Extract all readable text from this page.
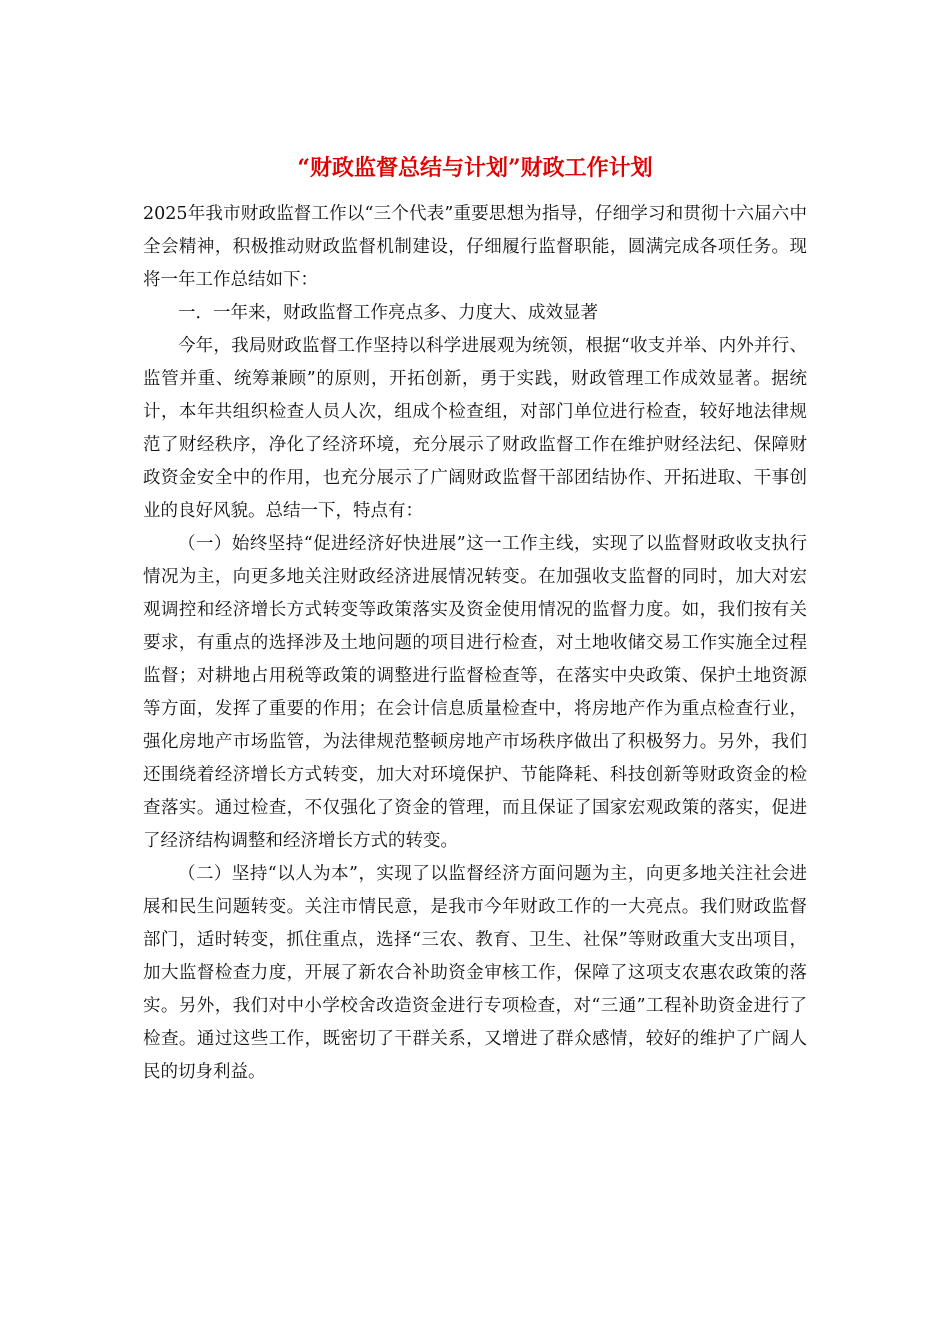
“财政监督总结与计划”财政工作计划

2025年我市财政监督工作以“三个代表”重要思想为指导，仔细学习和贯彻十六届六中全会精神，积极推动财政监督机制建设，仔细履行监督职能，圆满完成各项任务。现将一年工作总结如下：

一．一年来，财政监督工作亮点多、力度大、成效显著

今年，我局财政监督工作坚持以科学进展观为统领，根据“收支并举、内外并行、监管并重、统筹兼顾”的原则，开拓创新，勇于实践，财政管理工作成效显著。据统计，本年共组织检查人员人次，组成个检查组，对部门单位进行检查，较好地法律规范了财经秩序，净化了经济环境，充分展示了财政监督工作在维护财经法纪、保障财政资金安全中的作用，也充分展示了广阔财政监督干部团结协作、开拓进取、干事创业的良好风貌。总结一下，特点有：

（一）始终坚持“促进经济好快进展”这一工作主线，实现了以监督财政收支执行情况为主，向更多地关注财政经济进展情况转变。在加强收支监督的同时，加大对宏观调控和经济增长方式转变等政策落实及资金使用情况的监督力度。如，我们按有关要求，有重点的选择涉及土地问题的项目进行检查，对土地收储交易工作实施全过程监督；对耕地占用税等政策的调整进行监督检查等，在落实中央政策、保护土地资源等方面，发挥了重要的作用；在会计信息质量检查中，将房地产作为重点检查行业，强化房地产市场监管，为法律规范整顿房地产市场秩序做出了积极努力。另外，我们还围绕着经济增长方式转变，加大对环境保护、节能降耗、科技创新等财政资金的检查落实。通过检查，不仅强化了资金的管理，而且保证了国家宏观政策的落实，促进了经济结构调整和经济增长方式的转变。

（二）坚持“以人为本”，实现了以监督经济方面问题为主，向更多地关注社会进展和民生问题转变。关注市情民意，是我市今年财政工作的一大亮点。我们财政监督部门，适时转变，抓住重点，选择“三农、教育、卫生、社保”等财政重大支出项目，加大监督检查力度，开展了新农合补助资金审核工作，保障了这项支农惠农政策的落实。另外，我们对中小学校舍改造资金进行专项检查，对“三通”工程补助资金进行了检查。通过这些工作，既密切了干群关系，又增进了群众感情，较好的维护了广阔人民的切身利益。
